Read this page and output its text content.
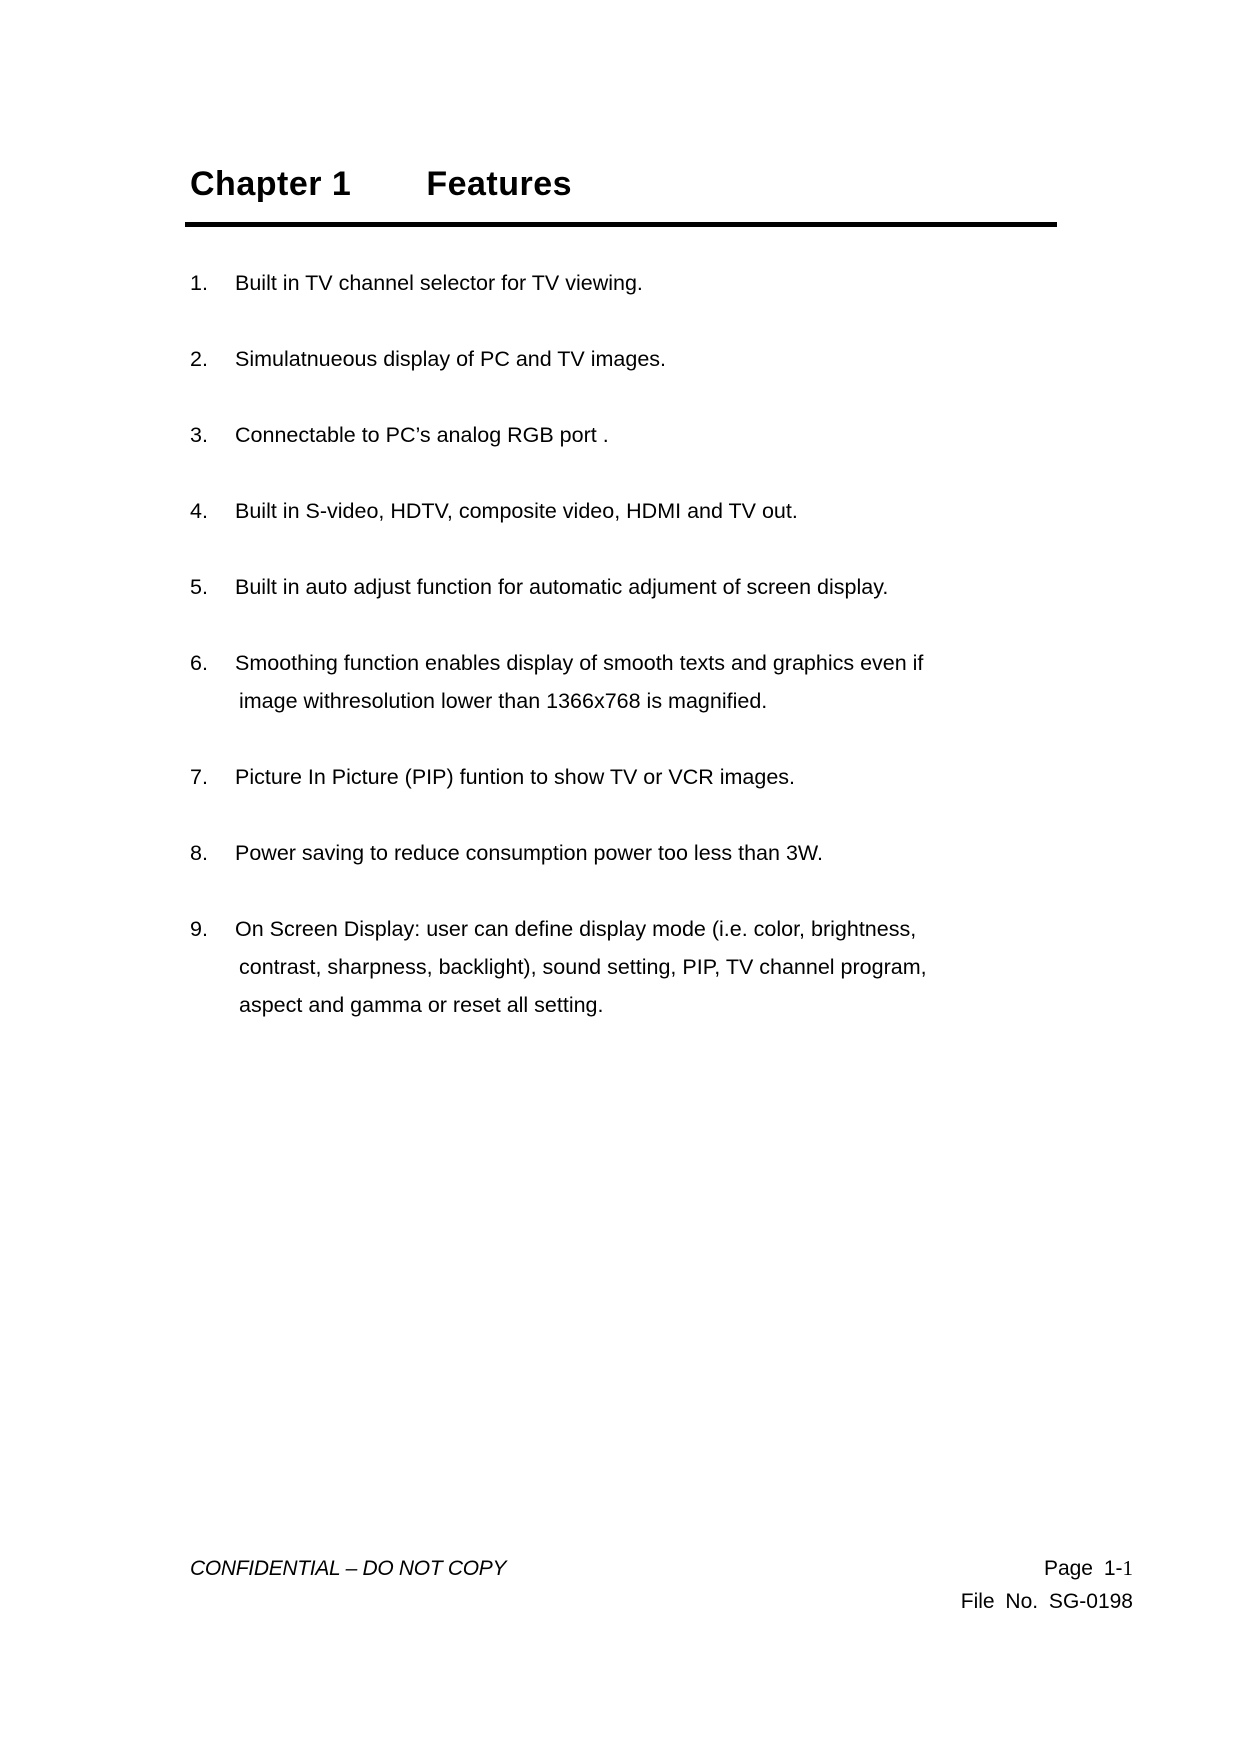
Chapter 1 Features
1.	Built in TV channel selector for TV viewing.
2.	Simulatnueous display of PC and TV images.
3.	Connectable to PC’s analog RGB port .
4.	Built in S-video, HDTV, composite video, HDMI and TV out.
5.	Built in auto adjust function for automatic adjument of screen display.
6.	Smoothing function enables display of smooth texts and graphics even if
image withresolution lower than 1366x768 is magnified.
7.	Picture In Picture (PIP) funtion to show TV or VCR images.
8.	Power saving to reduce consumption power too less than 3W.
9.	On Screen Display: user can define display mode (i.e. color, brightness,
contrast, sharpness, backlight), sound setting, PIP, TV channel program,
aspect and gamma or reset all setting.
CONFIDENTIAL – DO NOT COPY	Page 1-1
File No. SG-0198
